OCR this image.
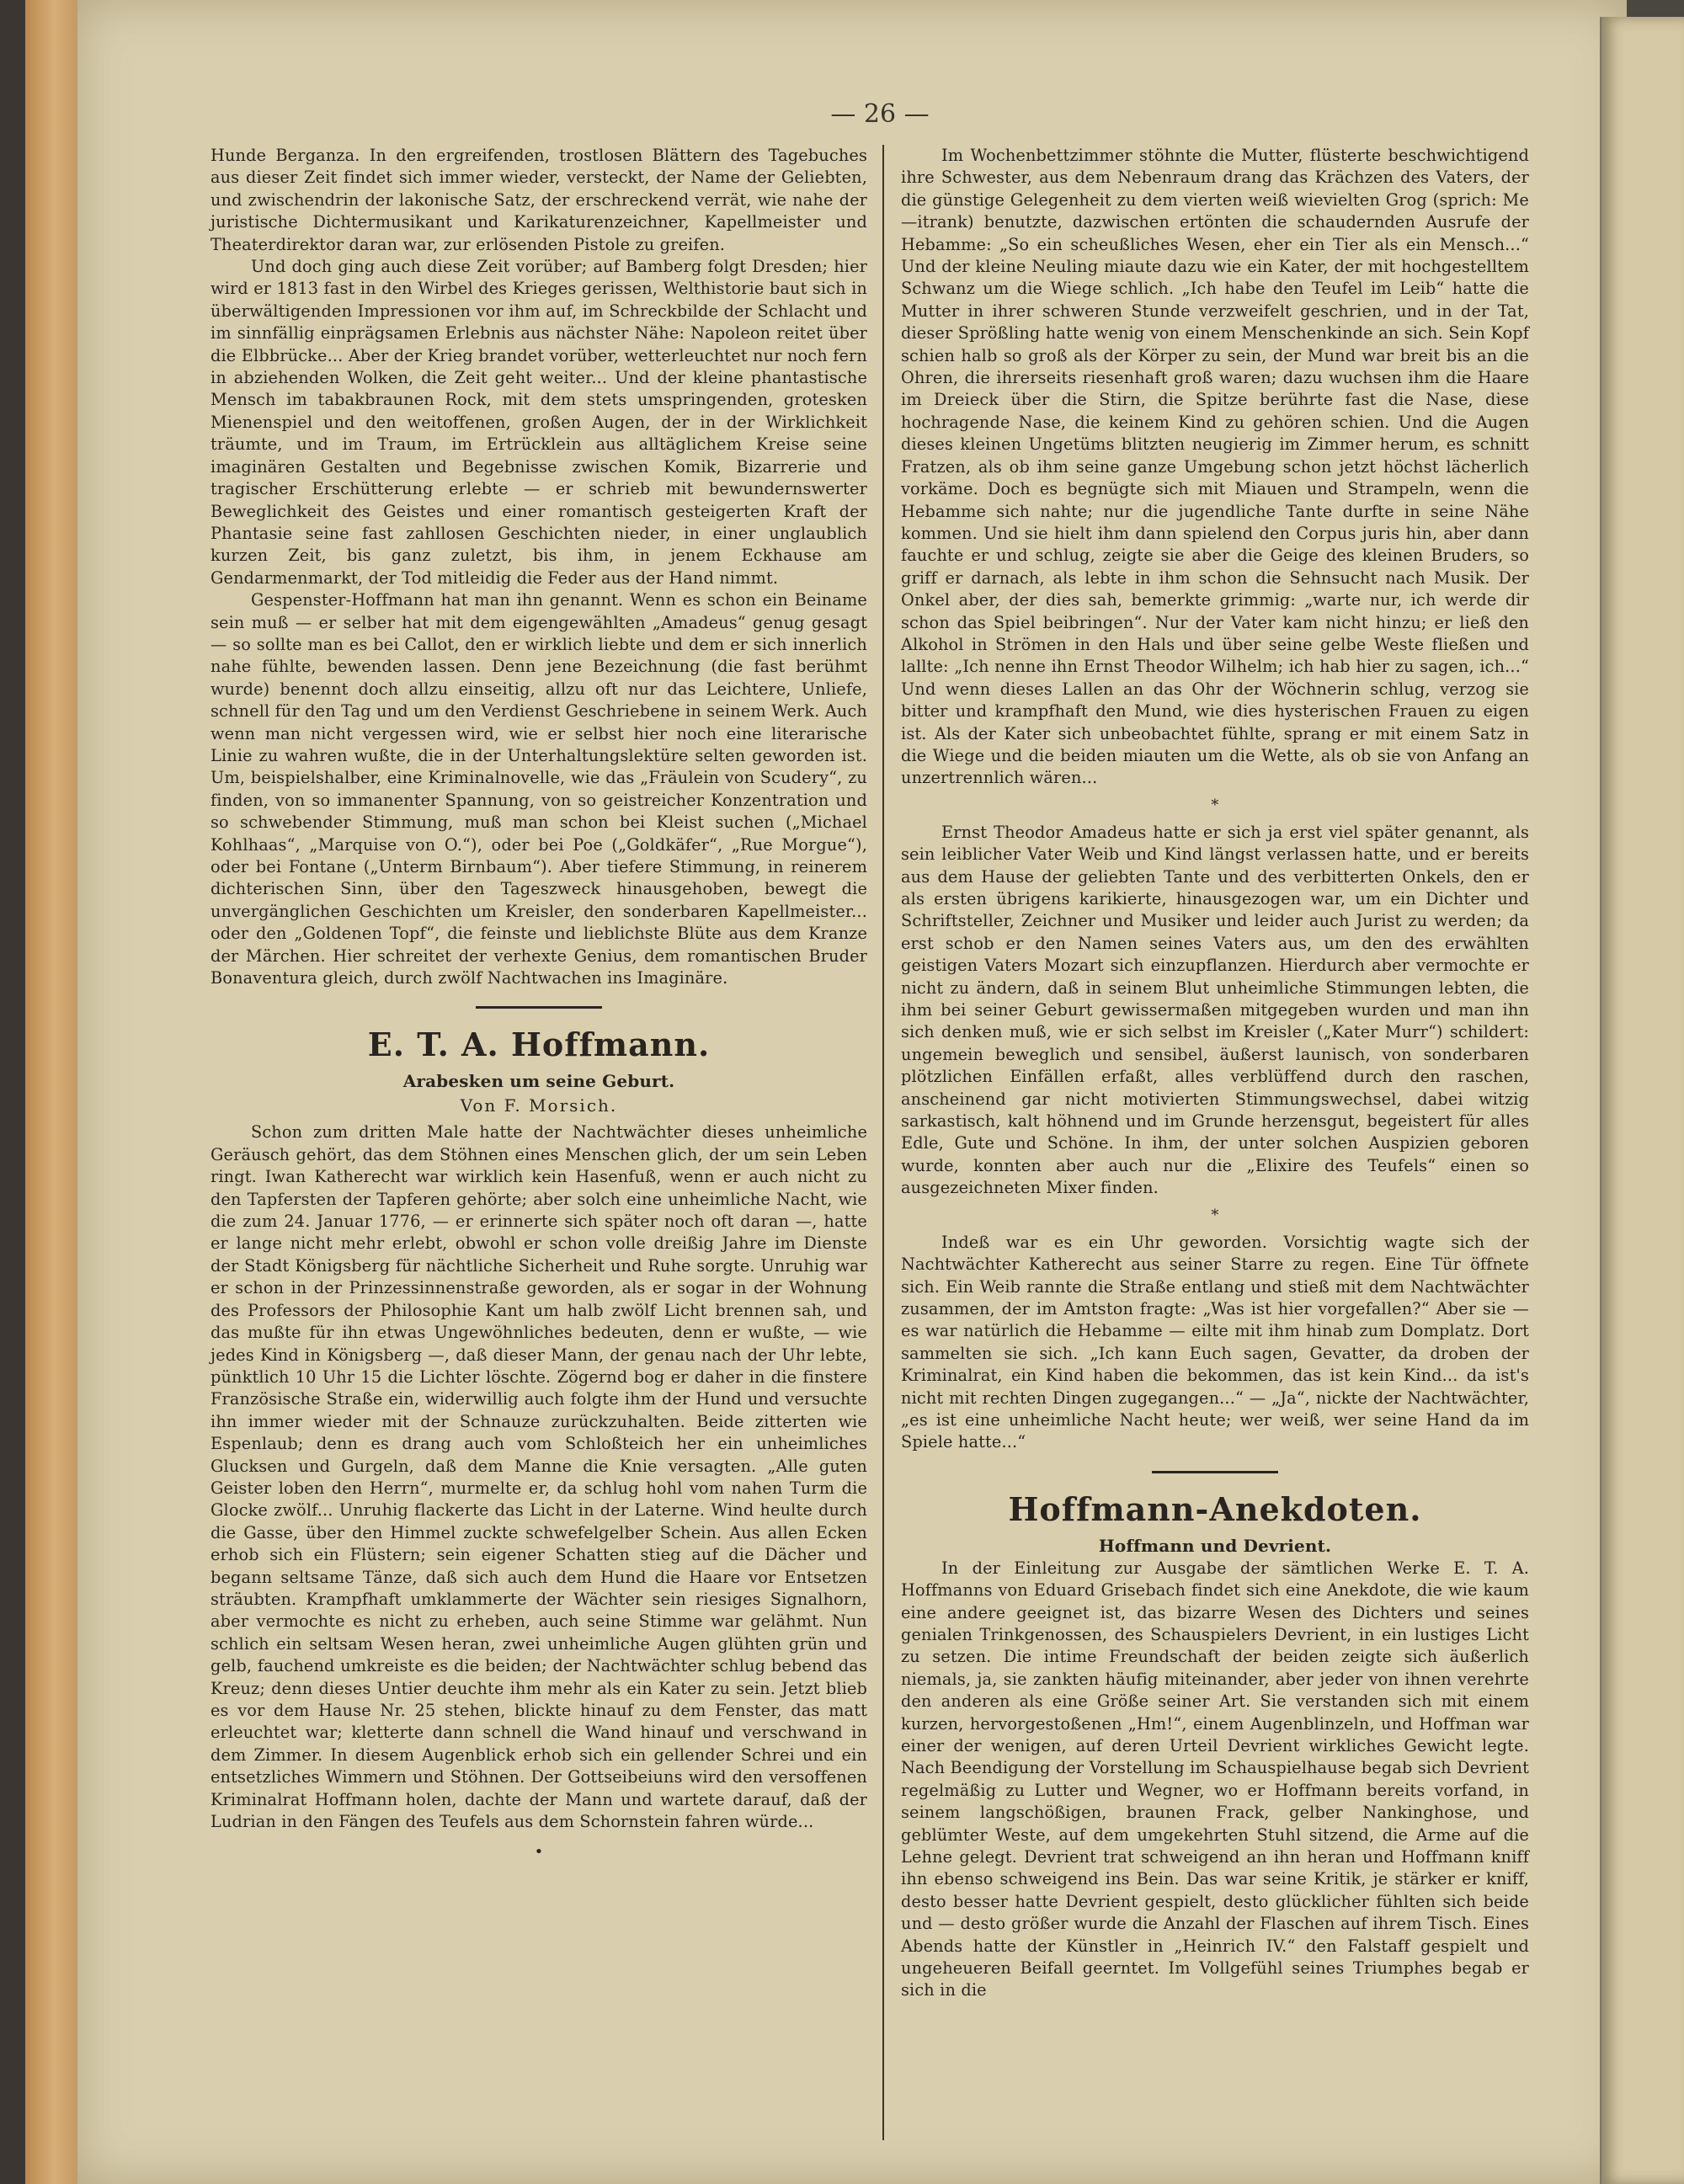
— 26 —

Hunde Berganza. In den ergreifenden, trostlosen Blättern des Tagebuches aus dieser Zeit findet sich immer wieder, versteckt, der Name der Geliebten, und zwischendrin der lakonische Satz, der erschreckend verrät, wie nahe der juristische Dichtermusikant und Karikaturenzeichner, Kapellmeister und Theaterdirektor daran war, zur erlösenden Pistole zu greifen.

Und doch ging auch diese Zeit vorüber; auf Bamberg folgt Dresden; hier wird er 1813 fast in den Wirbel des Krieges gerissen, Welthistorie baut sich in überwältigenden Impressionen vor ihm auf, im Schreckbilde der Schlacht und im sinnfällig einprägsamen Erlebnis aus nächster Nähe: Napoleon reitet über die Elbbrücke... Aber der Krieg brandet vorüber, wetterleuchtet nur noch fern in abziehenden Wolken, die Zeit geht weiter... Und der kleine phantastische Mensch im tabakbraunen Rock, mit dem stets umspringenden, grotesken Mienenspiel und den weitoffenen, großen Augen, der in der Wirklichkeit träumte, und im Traum, im Ertrücklein aus alltäglichem Kreise seine imaginären Gestalten und Begebnisse zwischen Komik, Bizarrerie und tragischer Erschütterung erlebte — er schrieb mit bewundernswerter Beweglichkeit des Geistes und einer romantisch gesteigerten Kraft der Phantasie seine fast zahllosen Geschichten nieder, in einer unglaublich kurzen Zeit, bis ganz zuletzt, bis ihm, in jenem Eckhause am Gendarmenmarkt, der Tod mitleidig die Feder aus der Hand nimmt.

Gespenster-Hoffmann hat man ihn genannt. Wenn es schon ein Beiname sein muß — er selber hat mit dem eigengewählten „Amadeus“ genug gesagt — so sollte man es bei Callot, den er wirklich liebte und dem er sich innerlich nahe fühlte, bewenden lassen. Denn jene Bezeichnung (die fast berühmt wurde) benennt doch allzu einseitig, allzu oft nur das Leichtere, Unliefe, schnell für den Tag und um den Verdienst Geschriebene in seinem Werk. Auch wenn man nicht vergessen wird, wie er selbst hier noch eine literarische Linie zu wahren wußte, die in der Unterhaltungslektüre selten geworden ist. Um, beispielshalber, eine Kriminalnovelle, wie das „Fräulein von Scudery“, zu finden, von so immanenter Spannung, von so geistreicher Konzentration und so schwebender Stimmung, muß man schon bei Kleist suchen („Michael Kohlhaas“, „Marquise von O.“), oder bei Poe („Goldkäfer“, „Rue Morgue“), oder bei Fontane („Unterm Birnbaum“). Aber tiefere Stimmung, in reinerem dichterischen Sinn, über den Tageszweck hinausgehoben, bewegt die unvergänglichen Geschichten um Kreisler, den sonderbaren Kapellmeister... oder den „Goldenen Topf“, die feinste und lieblichste Blüte aus dem Kranze der Märchen. Hier schreitet der verhexte Genius, dem romantischen Bruder Bonaventura gleich, durch zwölf Nachtwachen ins Imaginäre.

E. T. A. Hoffmann.
Arabesken um seine Geburt.
Von F. Morsich.

Schon zum dritten Male hatte der Nachtwächter dieses unheimliche Geräusch gehört, das dem Stöhnen eines Menschen glich, der um sein Leben ringt. Iwan Katherecht war wirklich kein Hasenfuß, wenn er auch nicht zu den Tapfersten der Tapferen gehörte; aber solch eine unheimliche Nacht, wie die zum 24. Januar 1776, — er erinnerte sich später noch oft daran —, hatte er lange nicht mehr erlebt, obwohl er schon volle dreißig Jahre im Dienste der Stadt Königsberg für nächtliche Sicherheit und Ruhe sorgte. Unruhig war er schon in der Prinzessinnenstraße geworden, als er sogar in der Wohnung des Professors der Philosophie Kant um halb zwölf Licht brennen sah, und das mußte für ihn etwas Ungewöhnliches bedeuten, denn er wußte, — wie jedes Kind in Königsberg —, daß dieser Mann, der genau nach der Uhr lebte, pünktlich 10 Uhr 15 die Lichter löschte. Zögernd bog er daher in die finstere Französische Straße ein, widerwillig auch folgte ihm der Hund und versuchte ihn immer wieder mit der Schnauze zurückzuhalten. Beide zitterten wie Espenlaub; denn es drang auch vom Schloßteich her ein unheimliches Glucksen und Gurgeln, daß dem Manne die Knie versagten. „Alle guten Geister loben den Herrn“, murmelte er, da schlug hohl vom nahen Turm die Glocke zwölf... Unruhig flackerte das Licht in der Laterne. Wind heulte durch die Gasse, über den Himmel zuckte schwefelgelber Schein. Aus allen Ecken erhob sich ein Flüstern; sein eigener Schatten stieg auf die Dächer und begann seltsame Tänze, daß sich auch dem Hund die Haare vor Entsetzen sträubten. Krampfhaft umklammerte der Wächter sein riesiges Signalhorn, aber vermochte es nicht zu erheben, auch seine Stimme war gelähmt. Nun schlich ein seltsam Wesen heran, zwei unheimliche Augen glühten grün und gelb, fauchend umkreiste es die beiden; der Nachtwächter schlug bebend das Kreuz; denn dieses Untier deuchte ihm mehr als ein Kater zu sein. Jetzt blieb es vor dem Hause Nr. 25 stehen, blickte hinauf zu dem Fenster, das matt erleuchtet war; kletterte dann schnell die Wand hinauf und verschwand in dem Zimmer. In diesem Augenblick erhob sich ein gellender Schrei und ein entsetzliches Wimmern und Stöhnen. Der Gottseibeiuns wird den versoffenen Kriminalrat Hoffmann holen, dachte der Mann und wartete darauf, daß der Ludrian in den Fängen des Teufels aus dem Schornstein fahren würde...

•

Im Wochenbettzimmer stöhnte die Mutter, flüsterte beschwichtigend ihre Schwester, aus dem Nebenraum drang das Krächzen des Vaters, der die günstige Gelegenheit zu dem vierten weiß wievielten Grog (sprich: Me—itrank) benutzte, dazwischen ertönten die schaudernden Ausrufe der Hebamme: „So ein scheußliches Wesen, eher ein Tier als ein Mensch...“ Und der kleine Neuling miaute dazu wie ein Kater, der mit hochgestelltem Schwanz um die Wiege schlich. „Ich habe den Teufel im Leib“ hatte die Mutter in ihrer schweren Stunde verzweifelt geschrien, und in der Tat, dieser Sprößling hatte wenig von einem Menschenkinde an sich. Sein Kopf schien halb so groß als der Körper zu sein, der Mund war breit bis an die Ohren, die ihrerseits riesenhaft groß waren; dazu wuchsen ihm die Haare im Dreieck über die Stirn, die Spitze berührte fast die Nase, diese hochragende Nase, die keinem Kind zu gehören schien. Und die Augen dieses kleinen Ungetüms blitzten neugierig im Zimmer herum, es schnitt Fratzen, als ob ihm seine ganze Umgebung schon jetzt höchst lächerlich vorkäme. Doch es begnügte sich mit Miauen und Strampeln, wenn die Hebamme sich nahte; nur die jugendliche Tante durfte in seine Nähe kommen. Und sie hielt ihm dann spielend den Corpus juris hin, aber dann fauchte er und schlug, zeigte sie aber die Geige des kleinen Bruders, so griff er darnach, als lebte in ihm schon die Sehnsucht nach Musik. Der Onkel aber, der dies sah, bemerkte grimmig: „warte nur, ich werde dir schon das Spiel beibringen“. Nur der Vater kam nicht hinzu; er ließ den Alkohol in Strömen in den Hals und über seine gelbe Weste fließen und lallte: „Ich nenne ihn Ernst Theodor Wilhelm; ich hab hier zu sagen, ich...“ Und wenn dieses Lallen an das Ohr der Wöchnerin schlug, verzog sie bitter und krampfhaft den Mund, wie dies hysterischen Frauen zu eigen ist. Als der Kater sich unbeobachtet fühlte, sprang er mit einem Satz in die Wiege und die beiden miauten um die Wette, als ob sie von Anfang an unzertrennlich wären...

*

Ernst Theodor Amadeus hatte er sich ja erst viel später genannt, als sein leiblicher Vater Weib und Kind längst verlassen hatte, und er bereits aus dem Hause der geliebten Tante und des verbitterten Onkels, den er als ersten übrigens karikierte, hinausgezogen war, um ein Dichter und Schriftsteller, Zeichner und Musiker und leider auch Jurist zu werden; da erst schob er den Namen seines Vaters aus, um den des erwählten geistigen Vaters Mozart sich einzupflanzen. Hierdurch aber vermochte er nicht zu ändern, daß in seinem Blut unheimliche Stimmungen lebten, die ihm bei seiner Geburt gewissermaßen mitgegeben wurden und man ihn sich denken muß, wie er sich selbst im Kreisler („Kater Murr“) schildert: ungemein beweglich und sensibel, äußerst launisch, von sonderbaren plötzlichen Einfällen erfaßt, alles verblüffend durch den raschen, anscheinend gar nicht motivierten Stimmungswechsel, dabei witzig sarkastisch, kalt höhnend und im Grunde herzensgut, begeistert für alles Edle, Gute und Schöne. In ihm, der unter solchen Auspizien geboren wurde, konnten aber auch nur die „Elixire des Teufels“ einen so ausgezeichneten Mixer finden.

*

Indeß war es ein Uhr geworden. Vorsichtig wagte sich der Nachtwächter Katherecht aus seiner Starre zu regen. Eine Tür öffnete sich. Ein Weib rannte die Straße entlang und stieß mit dem Nachtwächter zusammen, der im Amtston fragte: „Was ist hier vorgefallen?“ Aber sie — es war natürlich die Hebamme — eilte mit ihm hinab zum Domplatz. Dort sammelten sie sich. „Ich kann Euch sagen, Gevatter, da droben der Kriminalrat, ein Kind haben die bekommen, das ist kein Kind... da ist's nicht mit rechten Dingen zugegangen...“ — „Ja“, nickte der Nachtwächter, „es ist eine unheimliche Nacht heute; wer weiß, wer seine Hand da im Spiele hatte...“

Hoffmann-Anekdoten.
Hoffmann und Devrient.

In der Einleitung zur Ausgabe der sämtlichen Werke E. T. A. Hoffmanns von Eduard Grisebach findet sich eine Anekdote, die wie kaum eine andere geeignet ist, das bizarre Wesen des Dichters und seines genialen Trinkgenossen, des Schauspielers Devrient, in ein lustiges Licht zu setzen. Die intime Freundschaft der beiden zeigte sich äußerlich niemals, ja, sie zankten häufig miteinander, aber jeder von ihnen verehrte den anderen als eine Größe seiner Art. Sie verstanden sich mit einem kurzen, hervorgestoßenen „Hm!“, einem Augenblinzeln, und Hoffman war einer der wenigen, auf deren Urteil Devrient wirkliches Gewicht legte. Nach Beendigung der Vorstellung im Schauspielhause begab sich Devrient regelmäßig zu Lutter und Wegner, wo er Hoffmann bereits vorfand, in seinem langschößigen, braunen Frack, gelber Nankinghose, und geblümter Weste, auf dem umgekehrten Stuhl sitzend, die Arme auf die Lehne gelegt. Devrient trat schweigend an ihn heran und Hoffmann kniff ihn ebenso schweigend ins Bein. Das war seine Kritik, je stärker er kniff, desto besser hatte Devrient gespielt, desto glücklicher fühlten sich beide und — desto größer wurde die Anzahl der Flaschen auf ihrem Tisch. Eines Abends hatte der Künstler in „Heinrich IV.“ den Falstaff gespielt und ungeheueren Beifall geerntet. Im Vollgefühl seines Triumphes begab er sich in die
